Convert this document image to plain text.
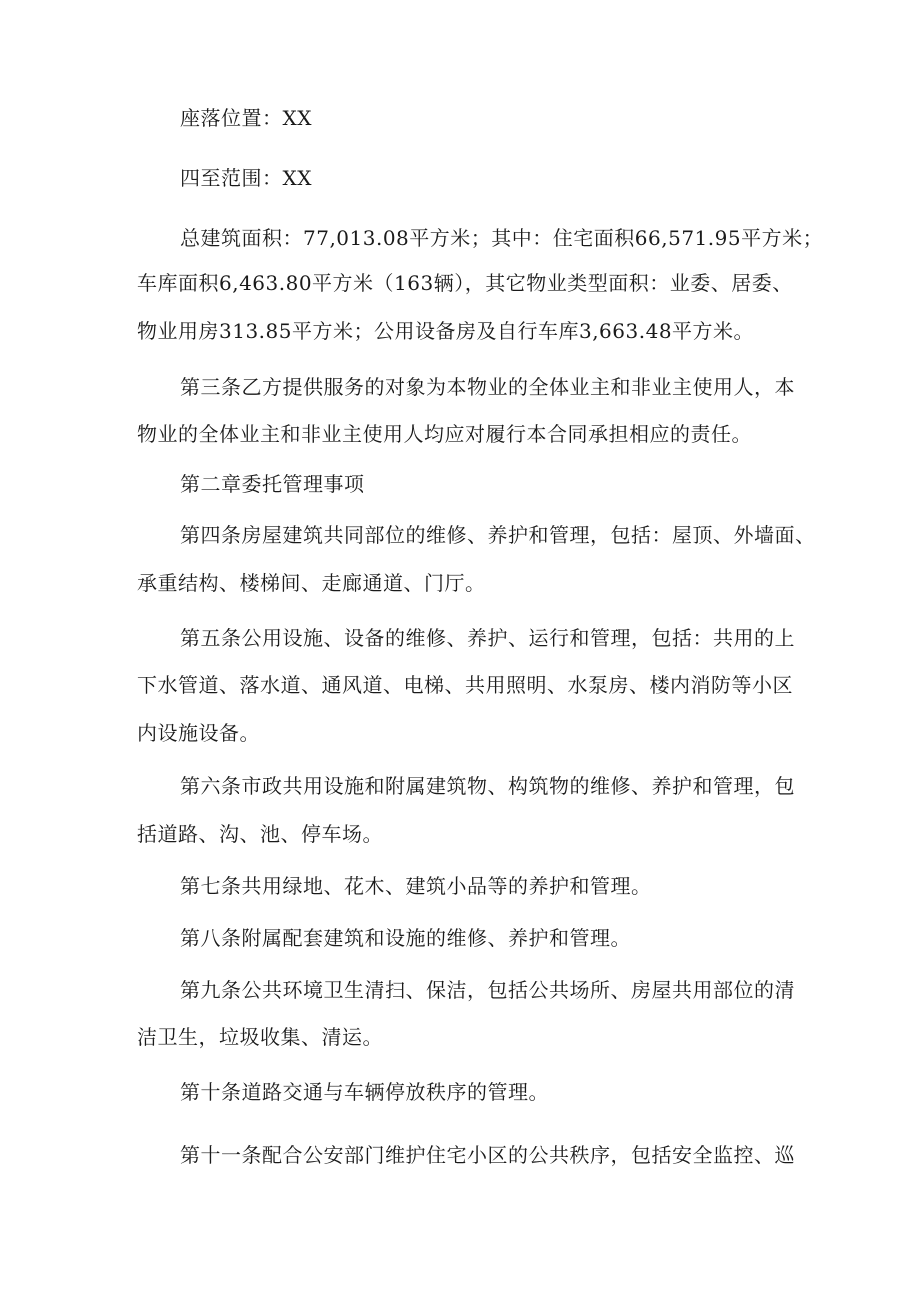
座落位置：XX
四至范围：XX
总建筑面积：77,013.08平方米；其中：住宅面积66,571.95平方米；
车库面积6,463.80平方米（163辆），其它物业类型面积：业委、居委、
物业用房313.85平方米；公用设备房及自行车库3,663.48平方米。
第三条乙方提供服务的对象为本物业的全体业主和非业主使用人，本
物业的全体业主和非业主使用人均应对履行本合同承担相应的责任。
第二章委托管理事项
第四条房屋建筑共同部位的维修、养护和管理，包括：屋顶、外墙面、
承重结构、楼梯间、走廊通道、门厅。
第五条公用设施、设备的维修、养护、运行和管理，包括：共用的上
下水管道、落水道、通风道、电梯、共用照明、水泵房、楼内消防等小区
内设施设备。
第六条市政共用设施和附属建筑物、构筑物的维修、养护和管理，包
括道路、沟、池、停车场。
第七条共用绿地、花木、建筑小品等的养护和管理。
第八条附属配套建筑和设施的维修、养护和管理。
第九条公共环境卫生清扫、保洁，包括公共场所、房屋共用部位的清
洁卫生，垃圾收集、清运。
第十条道路交通与车辆停放秩序的管理。
第十一条配合公安部门维护住宅小区的公共秩序，包括安全监控、巡
